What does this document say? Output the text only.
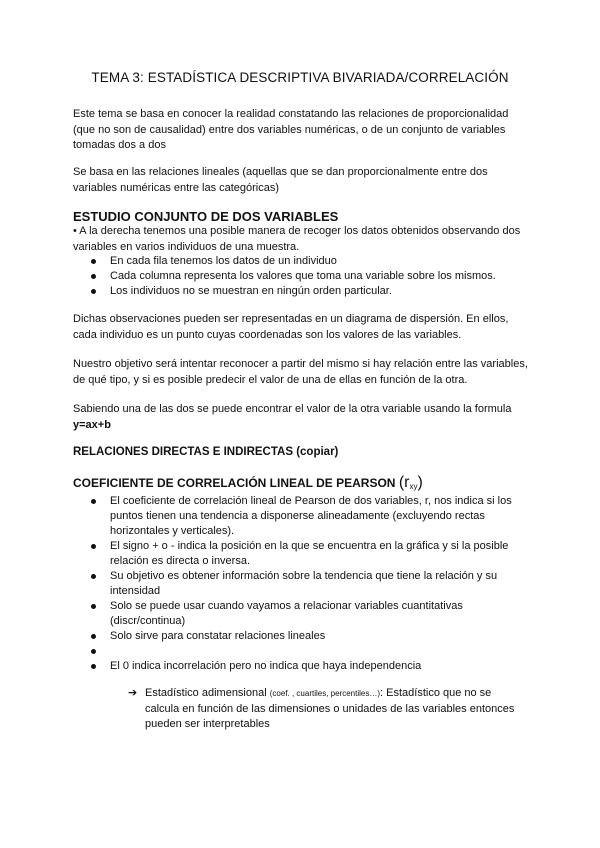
TEMA 3: ESTADÍSTICA DESCRIPTIVA BIVARIADA/CORRELACIÓN
Este tema se basa en conocer la realidad constatando las relaciones de proporcionalidad (que no son de causalidad) entre dos variables numéricas, o de un conjunto de variables tomadas dos a dos
Se basa en las relaciones lineales (aquellas que se dan proporcionalmente entre dos variables numéricas entre las categóricas)
ESTUDIO CONJUNTO DE DOS VARIABLES
• A la derecha tenemos una posible manera de recoger los datos obtenidos observando dos variables en varios individuos de una muestra.
En cada fila tenemos los datos de un individuo
Cada columna representa los valores que toma una variable sobre los mismos.
Los individuos no se muestran en ningún orden particular.
Dichas observaciones pueden ser representadas en un diagrama de dispersión. En ellos, cada individuo es un punto cuyas coordenadas son los valores de las variables.
Nuestro objetivo será intentar reconocer a partir del mismo si hay relación entre las variables, de qué tipo, y si es posible predecir el valor de una de ellas en función de la otra.
Sabiendo una de las dos se puede encontrar el valor de la otra variable usando la formula
y=ax+b
RELACIONES DIRECTAS E INDIRECTAS (copiar)
COEFICIENTE DE CORRELACIÓN LINEAL DE PEARSON $(r_{xy})$
El coeficiente de correlación lineal de Pearson de dos variables, r, nos indica si los puntos tienen una tendencia a disponerse alineadamente (excluyendo rectas horizontales y verticales).
El signo + o - indica la posición en la que se encuentra en la gráfica y si la posible relación es directa o inversa.
Su objetivo es obtener información sobre la tendencia que tiene la relación y su intensidad
Solo se puede usar cuando vayamos a relacionar variables cuantitativas (discr/continua)
Solo sirve para constatar relaciones lineales
El 0 indica incorrelación pero no indica que haya independencia
➔ Estadístico adimensional (coef. , cuartiles, percentiles…): Estadístico que no se calcula en función de las dimensiones o unidades de las variables entonces pueden ser interpretables
